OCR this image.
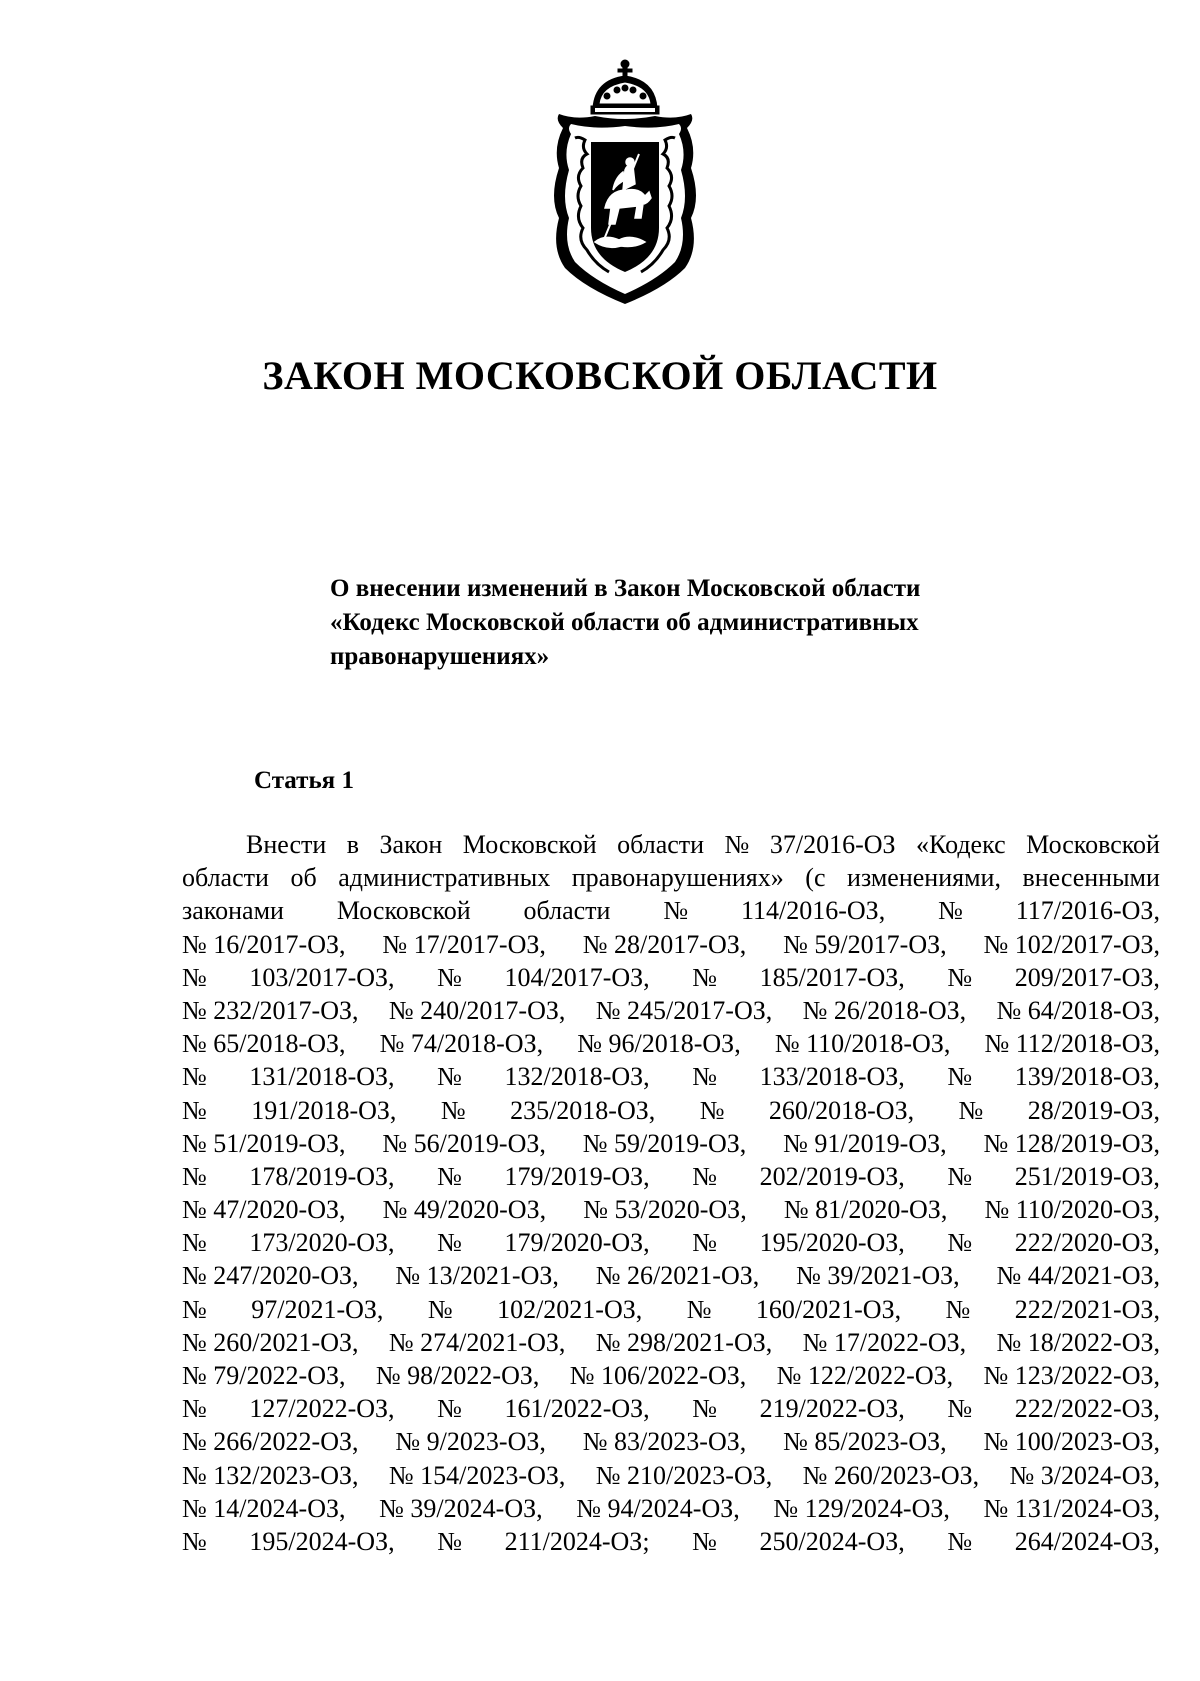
ЗАКОН МОСКОВСКОЙ ОБЛАСТИ
О внесении изменений в Закон Московской области
«Кодекс Московской области об административных
правонарушениях»
Статья 1
Внести в Закон Московской области № 37/2016-ОЗ «Кодекс Московской
области об административных правонарушениях» (с изменениями, внесенными
законами Московской области № 114/2016-ОЗ, № 117/2016-ОЗ,
№ 16/2017-ОЗ, № 17/2017-ОЗ, № 28/2017-ОЗ, № 59/2017-ОЗ, № 102/2017-ОЗ,
№ 103/2017-ОЗ, № 104/2017-ОЗ, № 185/2017-ОЗ, № 209/2017-ОЗ,
№ 232/2017-ОЗ, № 240/2017-ОЗ, № 245/2017-ОЗ, № 26/2018-ОЗ, № 64/2018-ОЗ,
№ 65/2018-ОЗ, № 74/2018-ОЗ, № 96/2018-ОЗ, № 110/2018-ОЗ, № 112/2018-ОЗ,
№ 131/2018-ОЗ, № 132/2018-ОЗ, № 133/2018-ОЗ, № 139/2018-ОЗ,
№ 191/2018-ОЗ, № 235/2018-ОЗ, № 260/2018-ОЗ, № 28/2019-ОЗ,
№ 51/2019-ОЗ, № 56/2019-ОЗ, № 59/2019-ОЗ, № 91/2019-ОЗ, № 128/2019-ОЗ,
№ 178/2019-ОЗ, № 179/2019-ОЗ, № 202/2019-ОЗ, № 251/2019-ОЗ,
№ 47/2020-ОЗ, № 49/2020-ОЗ, № 53/2020-ОЗ, № 81/2020-ОЗ, № 110/2020-ОЗ,
№ 173/2020-ОЗ, № 179/2020-ОЗ, № 195/2020-ОЗ, № 222/2020-ОЗ,
№ 247/2020-ОЗ, № 13/2021-ОЗ, № 26/2021-ОЗ, № 39/2021-ОЗ, № 44/2021-ОЗ,
№ 97/2021-ОЗ, № 102/2021-ОЗ, № 160/2021-ОЗ, № 222/2021-ОЗ,
№ 260/2021-ОЗ, № 274/2021-ОЗ, № 298/2021-ОЗ, № 17/2022-ОЗ, № 18/2022-ОЗ,
№ 79/2022-ОЗ, № 98/2022-ОЗ, № 106/2022-ОЗ, № 122/2022-ОЗ, № 123/2022-ОЗ,
№ 127/2022-ОЗ, № 161/2022-ОЗ, № 219/2022-ОЗ, № 222/2022-ОЗ,
№ 266/2022-ОЗ, № 9/2023-ОЗ, № 83/2023-ОЗ, № 85/2023-ОЗ, № 100/2023-ОЗ,
№ 132/2023-ОЗ, № 154/2023-ОЗ, № 210/2023-ОЗ, № 260/2023-ОЗ, № 3/2024-ОЗ,
№ 14/2024-ОЗ, № 39/2024-ОЗ, № 94/2024-ОЗ, № 129/2024-ОЗ, № 131/2024-ОЗ,
№ 195/2024-ОЗ, № 211/2024-ОЗ; № 250/2024-ОЗ, № 264/2024-ОЗ,
